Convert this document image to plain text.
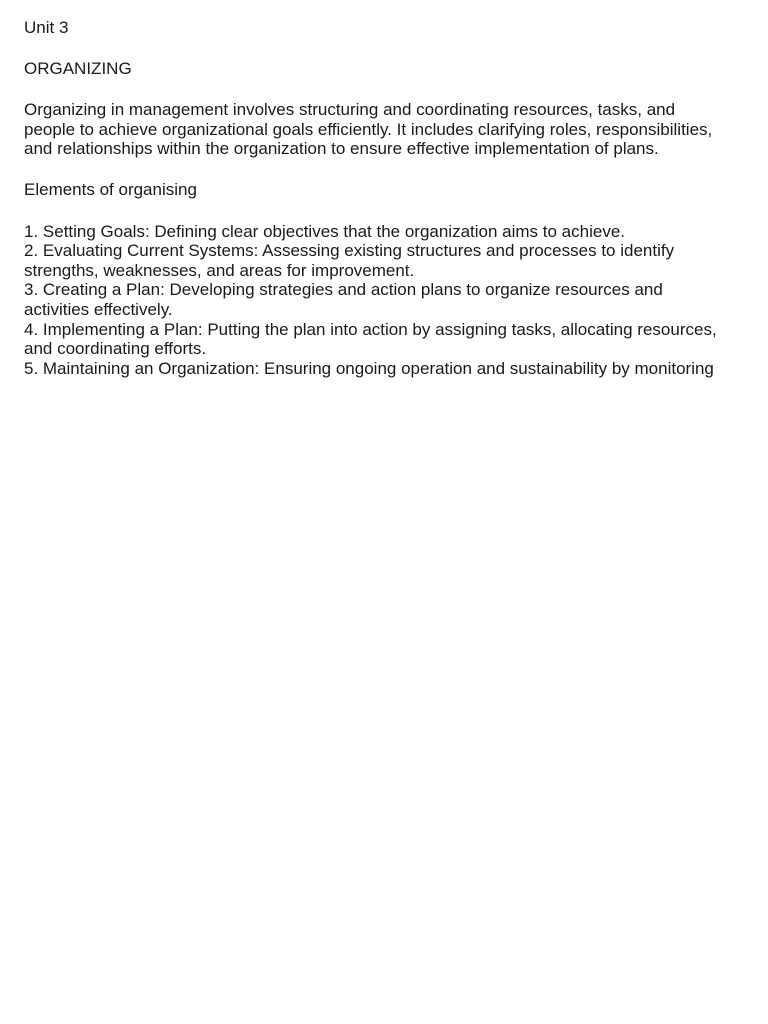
Unit 3

ORGANIZING

Organizing in management involves structuring and coordinating resources, tasks, and people to achieve organizational goals efficiently. It includes clarifying roles, responsibilities, and relationships within the organization to ensure effective implementation of plans.

Elements of organising

1. Setting Goals: Defining clear objectives that the organization aims to achieve.
2. Evaluating Current Systems: Assessing existing structures and processes to identify strengths, weaknesses, and areas for improvement.
3. Creating a Plan: Developing strategies and action plans to organize resources and activities effectively.
4. Implementing a Plan: Putting the plan into action by assigning tasks, allocating resources, and coordinating efforts.
5. Maintaining an Organization: Ensuring ongoing operation and sustainability by monitoring
